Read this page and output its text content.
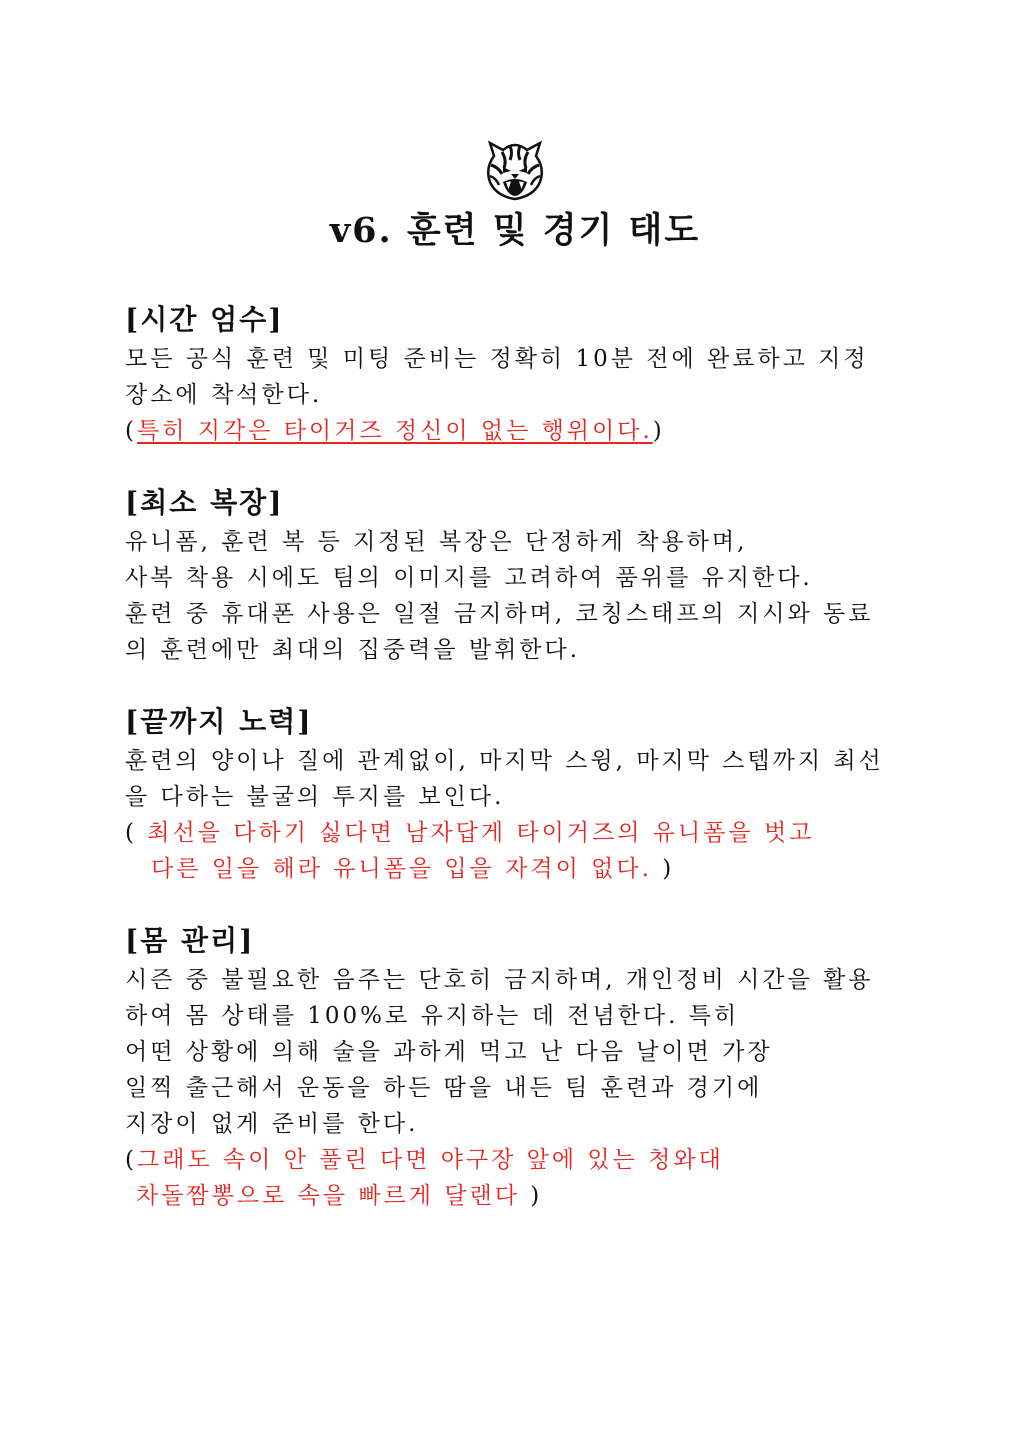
v6. 훈련 및 경기 태도
[시간 엄수]
모든 공식 훈련 및 미팅 준비는 정확히 10분 전에 완료하고 지정
장소에 착석한다.
(특히 지각은 타이거즈 정신이 없는 행위이다.)
[최소 복장]
유니폼, 훈련 복 등 지정된 복장은 단정하게 착용하며,
사복 착용 시에도 팀의 이미지를 고려하여 품위를 유지한다.
훈련 중 휴대폰 사용은 일절 금지하며, 코칭스태프의 지시와 동료
의 훈련에만 최대의 집중력을 발휘한다.
[끝까지 노력]
훈련의 양이나 질에 관계없이, 마지막 스윙, 마지막 스텝까지 최선
을 다하는 불굴의 투지를 보인다.
( 최선을 다하기 싫다면 남자답게 타이거즈의 유니폼을 벗고
다른 일을 해라 유니폼을 입을 자격이 없다. )
[몸 관리]
시즌 중 불필요한 음주는 단호히 금지하며, 개인정비 시간을 활용
하여 몸 상태를 100%로 유지하는 데 전념한다. 특히
어떤 상황에 의해 술을 과하게 먹고 난 다음 날이면 가장
일찍 출근해서 운동을 하든 땀을 내든 팀 훈련과 경기에
지장이 없게 준비를 한다.
(그래도 속이 안 풀린 다면 야구장 앞에 있는 청와대
차돌짬뽕으로 속을 빠르게 달랜다 )
